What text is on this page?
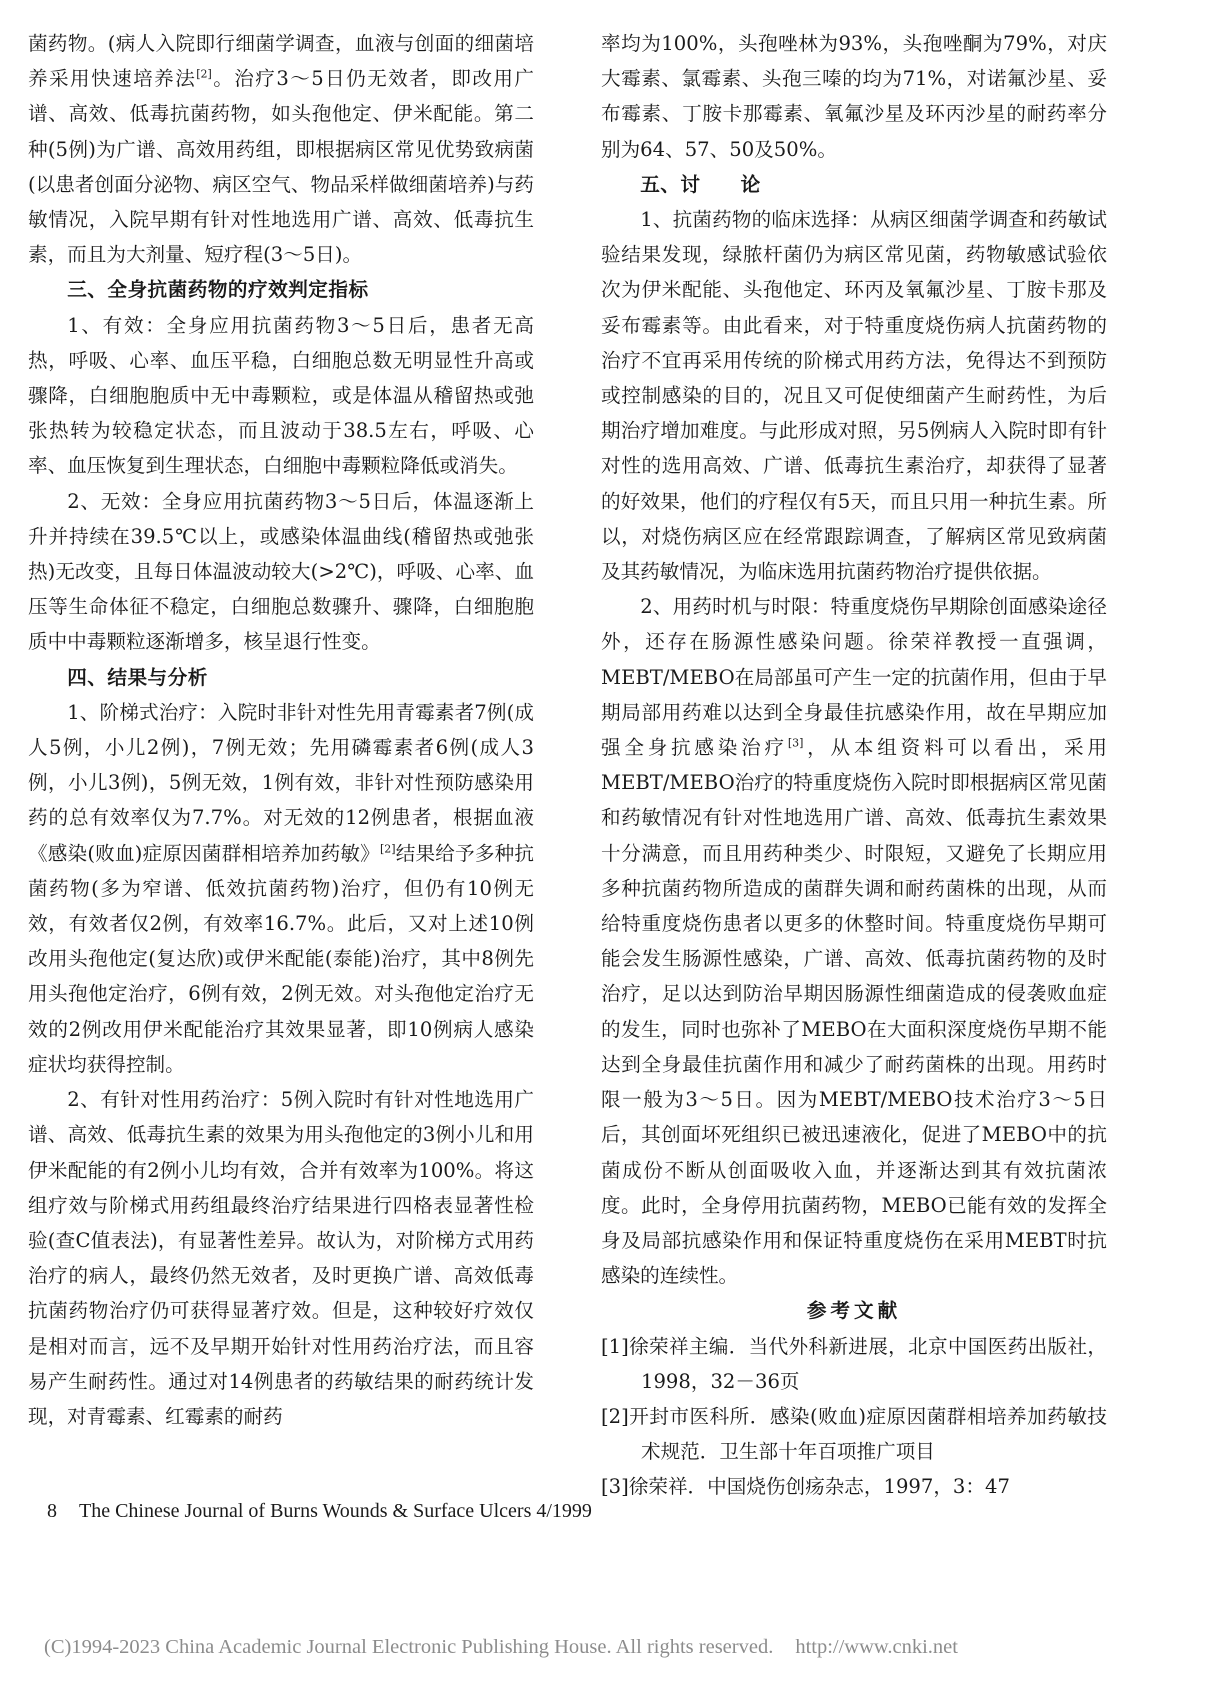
菌药物。(病人入院即行细菌学调查，血液与创面的细菌培养采用快速培养法[2]。治疗3～5日仍无效者，即改用广谱、高效、低毒抗菌药物，如头孢他定、伊米配能。第二种(5例)为广谱、高效用药组，即根据病区常见优势致病菌(以患者创面分泌物、病区空气、物品采样做细菌培养)与药敏情况，入院早期有针对性地选用广谱、高效、低毒抗生素，而且为大剂量、短疗程(3～5日)。

三、全身抗菌药物的疗效判定指标

1、有效：全身应用抗菌药物3～5日后，患者无高热，呼吸、心率、血压平稳，白细胞总数无明显性升高或骤降，白细胞胞质中无中毒颗粒，或是体温从稽留热或弛张热转为较稳定状态，而且波动于38.5左右，呼吸、心率、血压恢复到生理状态，白细胞中毒颗粒降低或消失。

2、无效：全身应用抗菌药物3～5日后，体温逐渐上升并持续在39.5℃以上，或感染体温曲线(稽留热或弛张热)无改变，且每日体温波动较大(>2℃)，呼吸、心率、血压等生命体征不稳定，白细胞总数骤升、骤降，白细胞胞质中中毒颗粒逐渐增多，核呈退行性变。

四、结果与分析

1、阶梯式治疗：入院时非针对性先用青霉素者7例(成人5例，小儿2例)，7例无效；先用磷霉素者6例(成人3例，小儿3例)，5例无效，1例有效，非针对性预防感染用药的总有效率仅为7.7%。对无效的12例患者，根据血液《感染(败血)症原因菌群相培养加药敏》[2]结果给予多种抗菌药物(多为窄谱、低效抗菌药物)治疗，但仍有10例无效，有效者仅2例，有效率16.7%。此后，又对上述10例改用头孢他定(复达欣)或伊米配能(泰能)治疗，其中8例先用头孢他定治疗，6例有效，2例无效。对头孢他定治疗无效的2例改用伊米配能治疗其效果显著，即10例病人感染症状均获得控制。

2、有针对性用药治疗：5例入院时有针对性地选用广谱、高效、低毒抗生素的效果为用头孢他定的3例小儿和用伊米配能的有2例小儿均有效，合并有效率为100%。将这组疗效与阶梯式用药组最终治疗结果进行四格表显著性检验(查C值表法)，有显著性差异。故认为，对阶梯方式用药治疗的病人，最终仍然无效者，及时更换广谱、高效低毒抗菌药物治疗仍可获得显著疗效。但是，这种较好疗效仅是相对而言，远不及早期开始针对性用药治疗法，而且容易产生耐药性。通过对14例患者的药敏结果的耐药统计发现，对青霉素、红霉素的耐药

率均为100%，头孢唑林为93%，头孢唑酮为79%，对庆大霉素、氯霉素、头孢三嗪的均为71%，对诺氟沙星、妥布霉素、丁胺卡那霉素、氧氟沙星及环丙沙星的耐药率分别为64、57、50及50%。

五、讨　　论

1、抗菌药物的临床选择：从病区细菌学调查和药敏试验结果发现，绿脓杆菌仍为病区常见菌，药物敏感试验依次为伊米配能、头孢他定、环丙及氧氟沙星、丁胺卡那及妥布霉素等。由此看来，对于特重度烧伤病人抗菌药物的治疗不宜再采用传统的阶梯式用药方法，免得达不到预防或控制感染的目的，况且又可促使细菌产生耐药性，为后期治疗增加难度。与此形成对照，另5例病人入院时即有针对性的选用高效、广谱、低毒抗生素治疗，却获得了显著的好效果，他们的疗程仅有5天，而且只用一种抗生素。所以，对烧伤病区应在经常跟踪调查，了解病区常见致病菌及其药敏情况，为临床选用抗菌药物治疗提供依据。

2、用药时机与时限：特重度烧伤早期除创面感染途径外，还存在肠源性感染问题。徐荣祥教授一直强调，MEBT/MEBO在局部虽可产生一定的抗菌作用，但由于早期局部用药难以达到全身最佳抗感染作用，故在早期应加强全身抗感染治疗[3]，从本组资料可以看出，采用MEBT/MEBO治疗的特重度烧伤入院时即根据病区常见菌和药敏情况有针对性地选用广谱、高效、低毒抗生素效果十分满意，而且用药种类少、时限短，又避免了长期应用多种抗菌药物所造成的菌群失调和耐药菌株的出现，从而给特重度烧伤患者以更多的休整时间。特重度烧伤早期可能会发生肠源性感染，广谱、高效、低毒抗菌药物的及时治疗，足以达到防治早期因肠源性细菌造成的侵袭败血症的发生，同时也弥补了MEBO在大面积深度烧伤早期不能达到全身最佳抗菌作用和减少了耐药菌株的出现。用药时限一般为3～5日。因为MEBT/MEBO技术治疗3～5日后，其创面坏死组织已被迅速液化，促进了MEBO中的抗菌成份不断从创面吸收入血，并逐渐达到其有效抗菌浓度。此时，全身停用抗菌药物，MEBO已能有效的发挥全身及局部抗感染作用和保证特重度烧伤在采用MEBT时抗感染的连续性。

参考文献

[1]徐荣祥主编．当代外科新进展，北京中国医药出版社，1998，32－36页

[2]开封市医科所．感染(败血)症原因菌群相培养加药敏技术规范．卫生部十年百项推广项目

[3]徐荣祥．中国烧伤创疡杂志，1997，3：47

8 The Chinese Journal of Burns Wounds & Surface Ulcers 4/1999
(C)1994-2023 China Academic Journal Electronic Publishing House. All rights reserved. http://www.cnki.net
